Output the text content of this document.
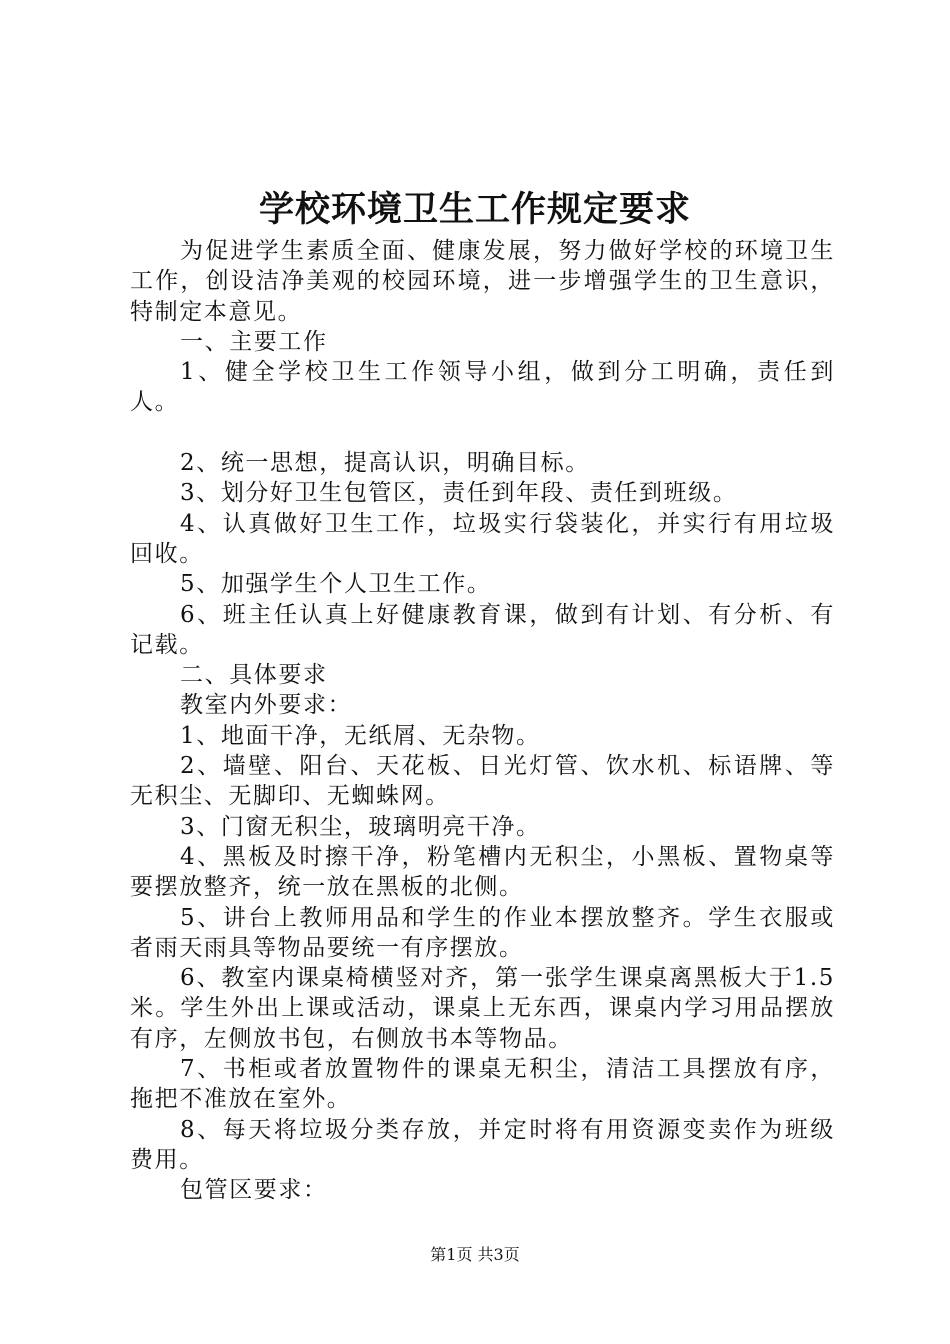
学校环境卫生工作规定要求

为促进学生素质全面、健康发展，努力做好学校的环境卫生工作，创设洁净美观的校园环境，进一步增强学生的卫生意识，特制定本意见。

一、主要工作

1、健全学校卫生工作领导小组，做到分工明确，责任到人。

2、统一思想，提高认识，明确目标。

3、划分好卫生包管区，责任到年段、责任到班级。

4、认真做好卫生工作，垃圾实行袋装化，并实行有用垃圾回收。

5、加强学生个人卫生工作。

6、班主任认真上好健康教育课，做到有计划、有分析、有记载。

二、具体要求

教室内外要求：

1、地面干净，无纸屑、无杂物。

2、墙壁、阳台、天花板、日光灯管、饮水机、标语牌、等无积尘、无脚印、无蜘蛛网。

3、门窗无积尘，玻璃明亮干净。

4、黑板及时擦干净，粉笔槽内无积尘，小黑板、置物桌等要摆放整齐，统一放在黑板的北侧。

5、讲台上教师用品和学生的作业本摆放整齐。学生衣服或者雨天雨具等物品要统一有序摆放。

6、教室内课桌椅横竖对齐，第一张学生课桌离黑板大于1.5米。学生外出上课或活动，课桌上无东西，课桌内学习用品摆放有序，左侧放书包，右侧放书本等物品。

7、书柜或者放置物件的课桌无积尘，清洁工具摆放有序，拖把不准放在室外。

8、每天将垃圾分类存放，并定时将有用资源变卖作为班级费用。

包管区要求：

第1页 共3页
